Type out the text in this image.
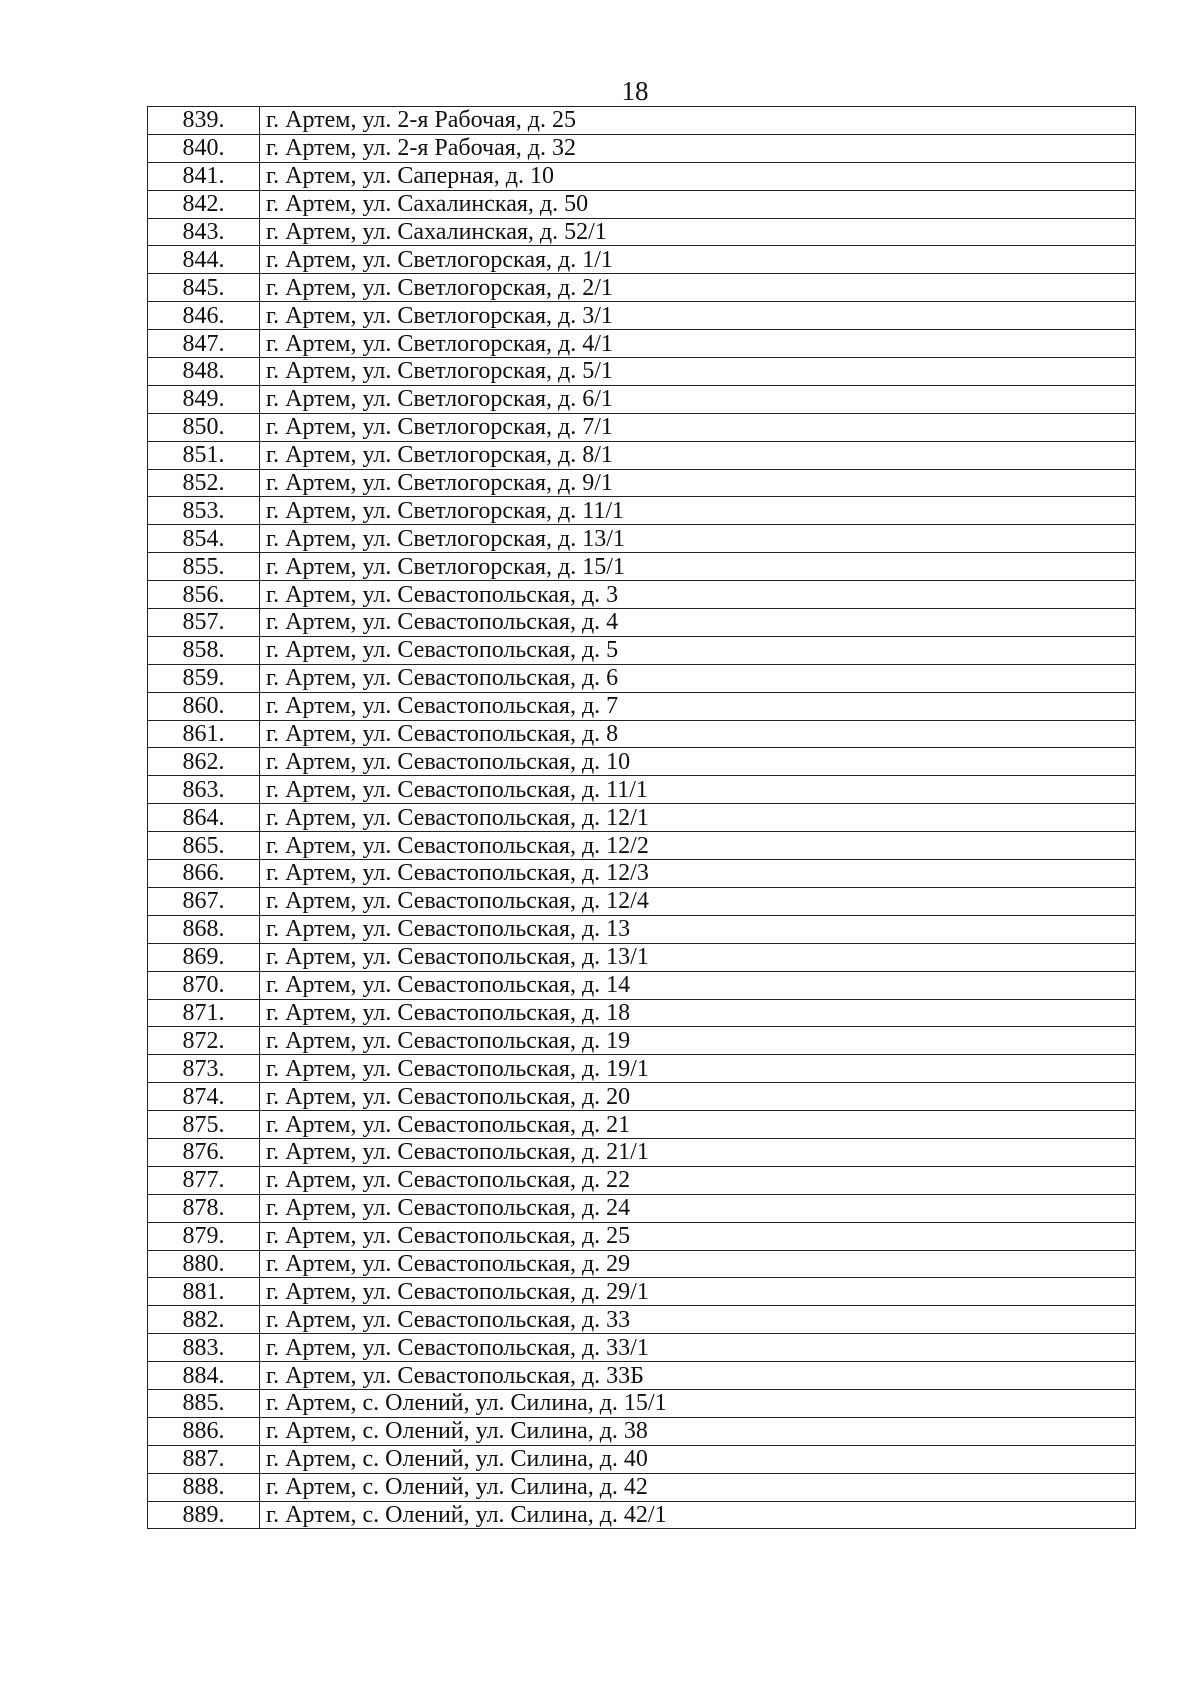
18
839.	г. Артем, ул. 2-я Рабочая, д. 25
840.	г. Артем, ул. 2-я Рабочая, д. 32
841.	г. Артем, ул. Саперная, д. 10
842.	г. Артем, ул. Сахалинская, д. 50
843.	г. Артем, ул. Сахалинская, д. 52/1
844.	г. Артем, ул. Светлогорская, д. 1/1
845.	г. Артем, ул. Светлогорская, д. 2/1
846.	г. Артем, ул. Светлогорская, д. 3/1
847.	г. Артем, ул. Светлогорская, д. 4/1
848.	г. Артем, ул. Светлогорская, д. 5/1
849.	г. Артем, ул. Светлогорская, д. 6/1
850.	г. Артем, ул. Светлогорская, д. 7/1
851.	г. Артем, ул. Светлогорская, д. 8/1
852.	г. Артем, ул. Светлогорская, д. 9/1
853.	г. Артем, ул. Светлогорская, д. 11/1
854.	г. Артем, ул. Светлогорская, д. 13/1
855.	г. Артем, ул. Светлогорская, д. 15/1
856.	г. Артем, ул. Севастопольская, д. 3
857.	г. Артем, ул. Севастопольская, д. 4
858.	г. Артем, ул. Севастопольская, д. 5
859.	г. Артем, ул. Севастопольская, д. 6
860.	г. Артем, ул. Севастопольская, д. 7
861.	г. Артем, ул. Севастопольская, д. 8
862.	г. Артем, ул. Севастопольская, д. 10
863.	г. Артем, ул. Севастопольская, д. 11/1
864.	г. Артем, ул. Севастопольская, д. 12/1
865.	г. Артем, ул. Севастопольская, д. 12/2
866.	г. Артем, ул. Севастопольская, д. 12/3
867.	г. Артем, ул. Севастопольская, д. 12/4
868.	г. Артем, ул. Севастопольская, д. 13
869.	г. Артем, ул. Севастопольская, д. 13/1
870.	г. Артем, ул. Севастопольская, д. 14
871.	г. Артем, ул. Севастопольская, д. 18
872.	г. Артем, ул. Севастопольская, д. 19
873.	г. Артем, ул. Севастопольская, д. 19/1
874.	г. Артем, ул. Севастопольская, д. 20
875.	г. Артем, ул. Севастопольская, д. 21
876.	г. Артем, ул. Севастопольская, д. 21/1
877.	г. Артем, ул. Севастопольская, д. 22
878.	г. Артем, ул. Севастопольская, д. 24
879.	г. Артем, ул. Севастопольская, д. 25
880.	г. Артем, ул. Севастопольская, д. 29
881.	г. Артем, ул. Севастопольская, д. 29/1
882.	г. Артем, ул. Севастопольская, д. 33
883.	г. Артем, ул. Севастопольская, д. 33/1
884.	г. Артем, ул. Севастопольская, д. 33Б
885.	г. Артем, с. Олений, ул. Силина, д. 15/1
886.	г. Артем, с. Олений, ул. Силина, д. 38
887.	г. Артем, с. Олений, ул. Силина, д. 40
888.	г. Артем, с. Олений, ул. Силина, д. 42
889.	г. Артем, с. Олений, ул. Силина, д. 42/1
